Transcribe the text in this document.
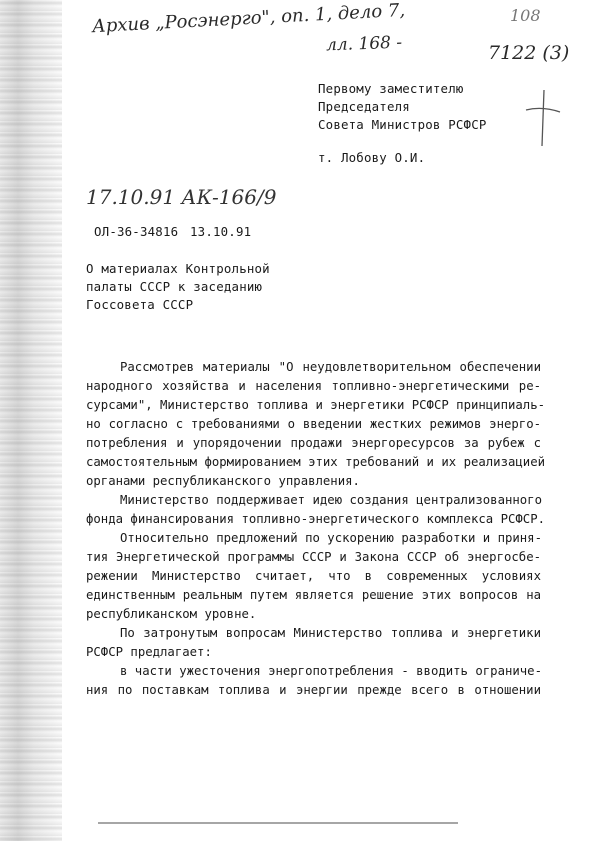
Архив „Росэнерго", оп. 1, дело 7,
лл. 168 -
108
7122 (3)
Первому заместителю
Председателя
Совета Министров РСФСР
т. Лобову О.И.
17.10.91 АК-166/9
ОЛ-36-34816 13.10.91
О материалах Контрольной
палаты СССР к заседанию
Госсовета СССР
Рассмотрев материалы "О неудовлетворительном обеспечении
народного хозяйства и населения топливно-энергетическими ре-
сурсами", Министерство топлива и энергетики РСФСР принципиаль-
но согласно с требованиями о введении жестких режимов энерго-
потребления и упорядочении продажи энергоресурсов за рубеж с
самостоятельным формированием этих требований и их реализацией
органами республиканского управления.
Министерство поддерживает идею создания централизованного
фонда финансирования топливно-энергетического комплекса РСФСР.
Относительно предложений по ускорению разработки и приня-
тия Энергетической программы СССР и Закона СССР об энергосбе-
режении Министерство считает, что в современных условиях
единственным реальным путем является решение этих вопросов на
республиканском уровне.
По затронутым вопросам Министерство топлива и энергетики
РСФСР предлагает:
в части ужесточения энергопотребления - вводить ограниче-
ния по поставкам топлива и энергии прежде всего в отношении
